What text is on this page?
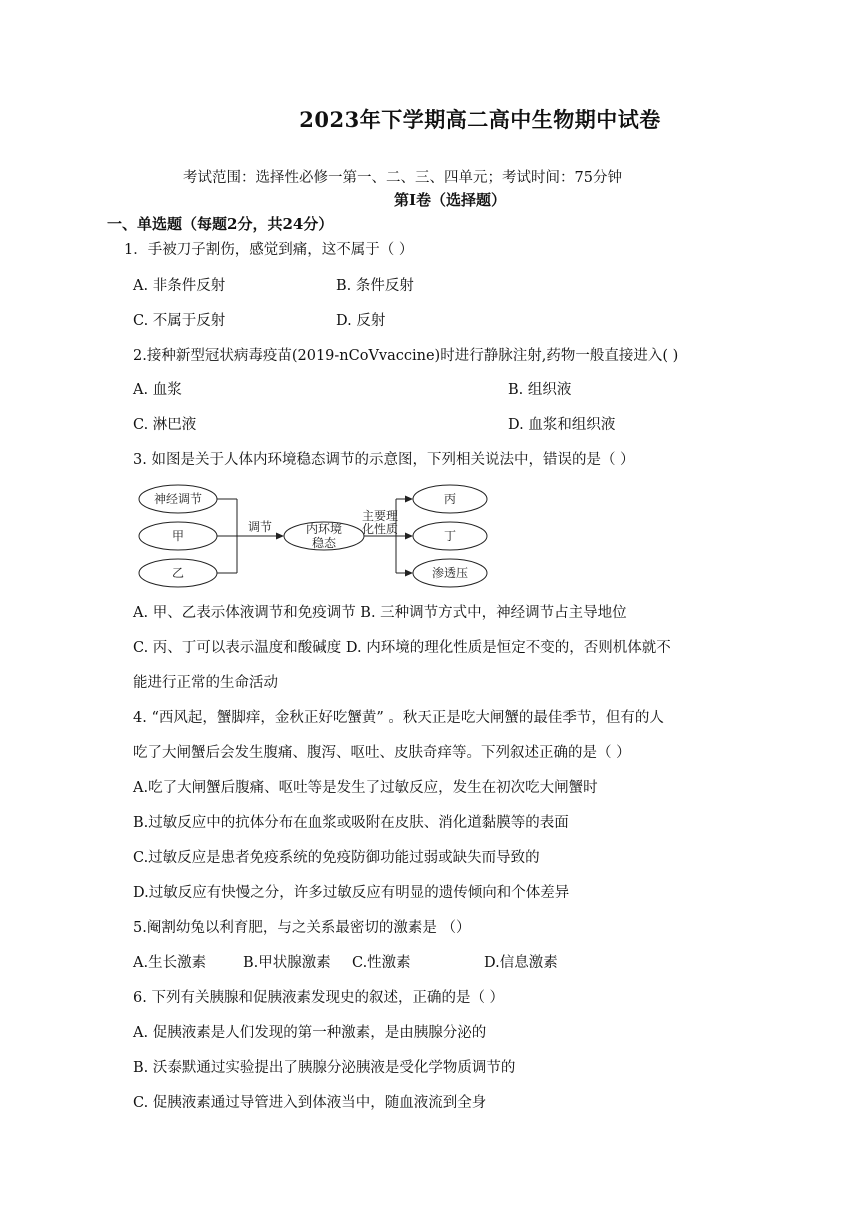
2023年下学期高二高中生物期中试卷
考试范围：选择性必修一第一、二、三、四单元；考试时间：75分钟
第Ⅰ卷（选择题）
一、单选题（每题2分，共24分）
1．手被刀子割伤，感觉到痛，这不属于（ ）
A. 非条件反射	B. 条件反射
C. 不属于反射	D. 反射
2.接种新型冠状病毒疫苗(2019-nCoVvaccine)时进行静脉注射,药物一般直接进入( )
A. 血浆	B. 组织液
C. 淋巴液	D. 血浆和组织液
3. 如图是关于人体内环境稳态调节的示意图，下列相关说法中，错误的是（ ）
神经调节
甲
乙
调节	内环境
稳态
主要理
化性质
丙
丁
渗透压
A. 甲、乙表示体液调节和免疫调节 B. 三种调节方式中，神经调节占主导地位
C. 丙、丁可以表示温度和酸碱度 D. 内环境的理化性质是恒定不变的，否则机体就不
能进行正常的生命活动
4. “西风起，蟹脚痒，金秋正好吃蟹黄” 。秋天正是吃大闸蟹的最佳季节，但有的人
吃了大闸蟹后会发生腹痛、腹泻、呕吐、皮肤奇痒等。下列叙述正确的是（ ）
A.吃了大闸蟹后腹痛、呕吐等是发生了过敏反应，发生在初次吃大闸蟹时
B.过敏反应中的抗体分布在血浆或吸附在皮肤、消化道黏膜等的表面
C.过敏反应是患者免疫系统的免疫防御功能过弱或缺失而导致的
D.过敏反应有快慢之分，许多过敏反应有明显的遗传倾向和个体差异
5.阉割幼兔以利育肥，与之关系最密切的激素是 （）
A.生长激素	B.甲状腺激素 C.性激素	D.信息激素
6. 下列有关胰腺和促胰液素发现史的叙述，正确的是（ ）
A. 促胰液素是人们发现的第一种激素，是由胰腺分泌的
B. 沃泰默通过实验提出了胰腺分泌胰液是受化学物质调节的
C. 促胰液素通过导管进入到体液当中，随血液流到全身
